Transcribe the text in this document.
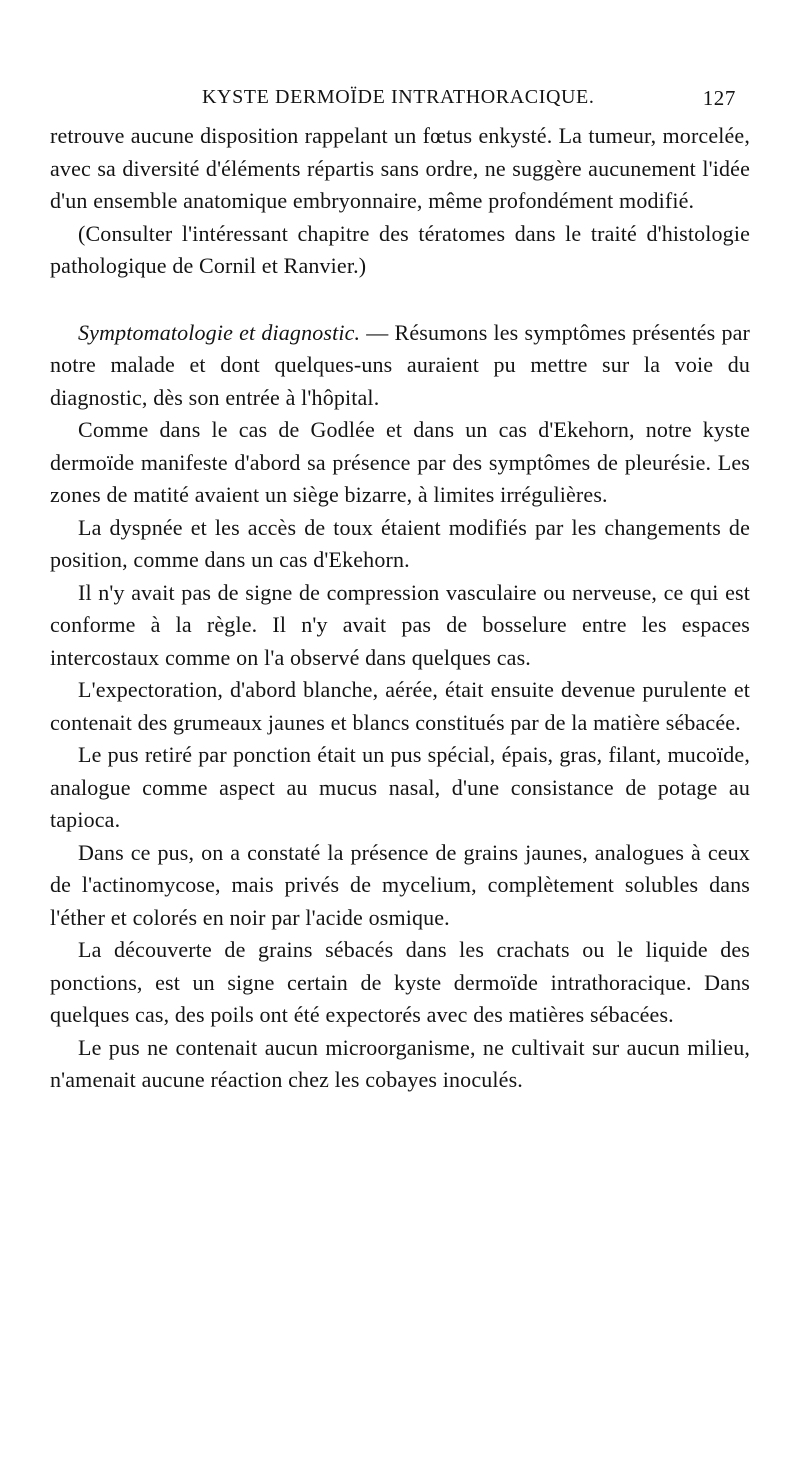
KYSTE DERMOÏDE INTRATHORACIQUE.	127

retrouve aucune disposition rappelant un fœtus enkysté. La tumeur, morcelée, avec sa diversité d'éléments répartis sans ordre, ne suggère aucunement l'idée d'un ensemble anatomique embryonnaire, même profondément modifié.

(Consulter l'intéressant chapitre des tératomes dans le traité d'histologie pathologique de Cornil et Ranvier.)

Symptomatologie et diagnostic. — Résumons les symptômes présentés par notre malade et dont quelques-uns auraient pu mettre sur la voie du diagnostic, dès son entrée à l'hôpital.

Comme dans le cas de Godlée et dans un cas d'Ekehorn, notre kyste dermoïde manifeste d'abord sa présence par des symptômes de pleurésie. Les zones de matité avaient un siège bizarre, à limites irrégulières.

La dyspnée et les accès de toux étaient modifiés par les changements de position, comme dans un cas d'Ekehorn.

Il n'y avait pas de signe de compression vasculaire ou nerveuse, ce qui est conforme à la règle. Il n'y avait pas de bosselure entre les espaces intercostaux comme on l'a observé dans quelques cas.

L'expectoration, d'abord blanche, aérée, était ensuite devenue purulente et contenait des grumeaux jaunes et blancs constitués par de la matière sébacée.

Le pus retiré par ponction était un pus spécial, épais, gras, filant, mucoïde, analogue comme aspect au mucus nasal, d'une consistance de potage au tapioca.

Dans ce pus, on a constaté la présence de grains jaunes, analogues à ceux de l'actinomycose, mais privés de mycelium, complètement solubles dans l'éther et colorés en noir par l'acide osmique.

La découverte de grains sébacés dans les crachats ou le liquide des ponctions, est un signe certain de kyste dermoïde intrathoracique. Dans quelques cas, des poils ont été expectorés avec des matières sébacées.

Le pus ne contenait aucun microorganisme, ne cultivait sur aucun milieu, n'amenait aucune réaction chez les cobayes inoculés.
